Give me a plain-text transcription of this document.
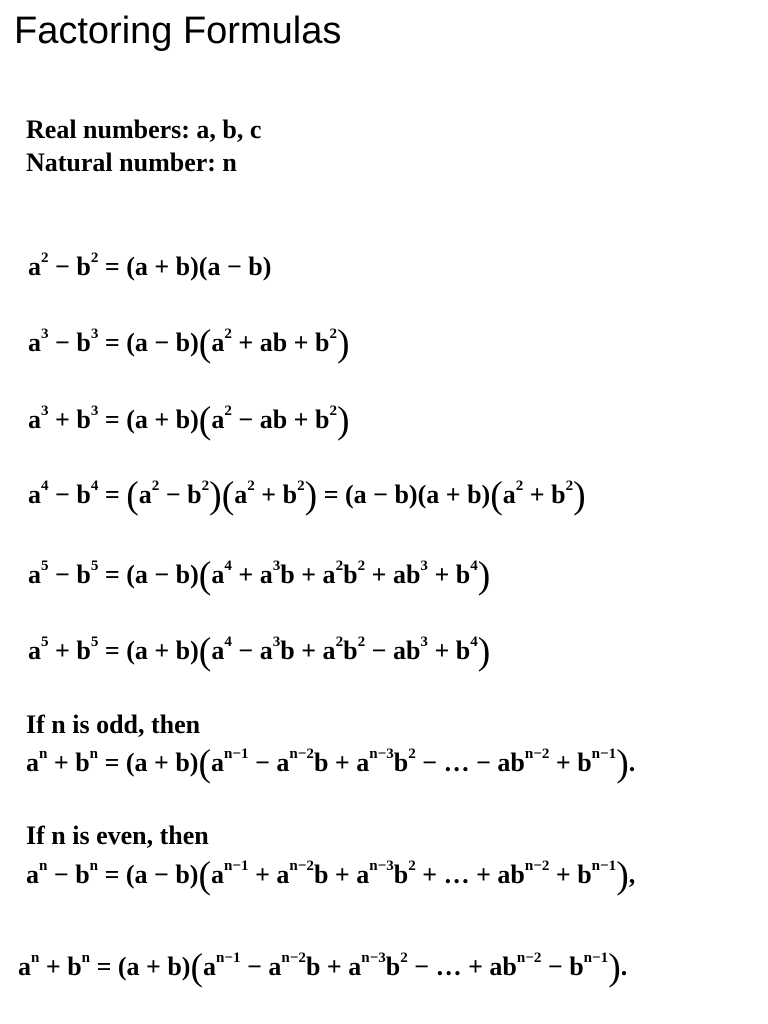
Factoring Formulas
Real numbers: a, b, c
Natural number: n
$a^2 - b^2 = (a + b)(a - b)$
$a^3 - b^3 = (a - b)(a^2$ + ab + $b^2$)
$a^3 + b^3 = (a + b)(a^2$ − ab + $b^2$)
$a^4 - b^4 = (a^2 - b^2)(a^2 + b^2) = (a - b)(a + b)(a^2 + b^2)$
$a^5 - b^5 = (a - b)(a^4 + a^3b + a^2b^2 + ab^3 + b^4)$
$a^5 + b^5 = (a + b)(a^4 - a^3b + a^2b^2 - ab^3 + b^4)$
If n is odd, then
$a^n + b^n = (a + b)(a^{n-1} - a^{n-2}b + a^{n-3}b^2$ − … − $ab^{n-2} + b^{n-1}$).
If n is even, then
$a^n - b^n = (a - b)(a^{n-1} + a^{n-2}b + a^{n-3}b^2$ + … + $ab^{n-2} + b^{n-1}$),
$a^n + b^n = (a + b)(a^{n-1} - a^{n-2}b + a^{n-3}b^2$ − … + $ab^{n-2} - b^{n-1}$).
